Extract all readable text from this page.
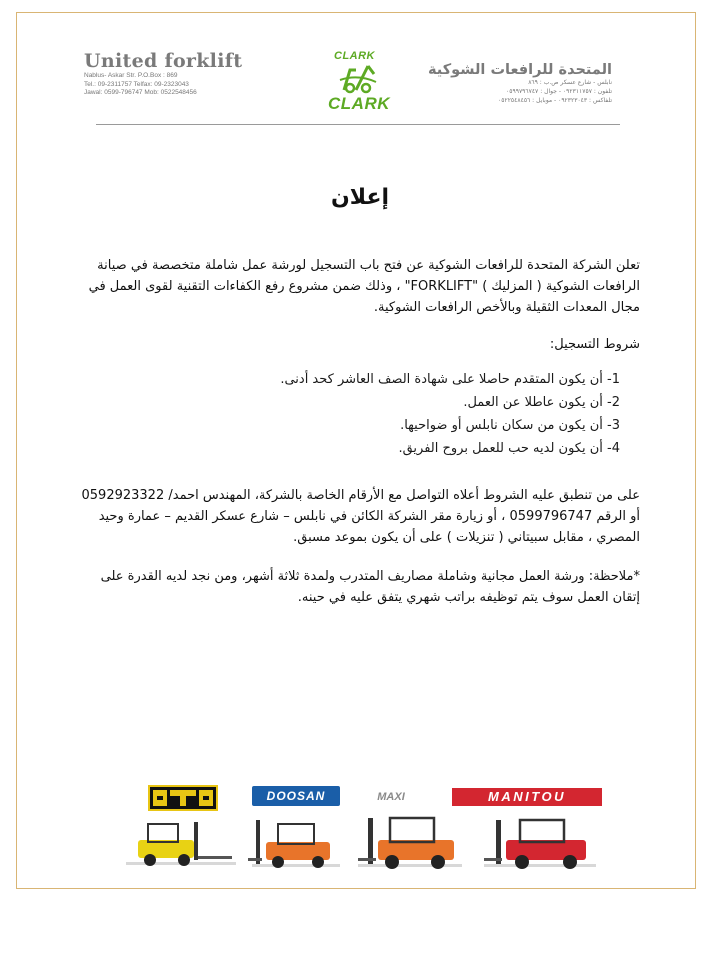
United forklift
Nablus- Askar Str. P.O.Box : 869
Tel.: 09-2311757 Telfax: 09-2323043
Jawal: 0599-796747 Mob: 0522548456
CLARK
CLARK
المتحدة للرافعات الشوكية
نابلس - شارع عسكر ص.ب : ٨٦٩
تلفون : ٠٩٢٣١١٧٥٧ - جوال : ٠٥٩٩٧٩٦٧٤٧
تلفاكس : ٠٩٢٣٢٣٠٤٣ - موبايل : ٠٥٢٢٥٤٨٤٥٦
إعلان
تعلن الشركة المتحدة للرافعات الشوكية عن فتح باب التسجيل لورشة عمل شاملة متخصصة في صيانة
الرافعات الشوكية ( المزليك ) "FORKLIFT" ، وذلك ضمن مشروع رفع الكفاءات التقنية لقوى العمل في
مجال المعدات الثقيلة وبالأخص الرافعات الشوكية.
شروط التسجيل:
1- أن يكون المتقدم حاصلا على شهادة الصف العاشر كحد أدنى.
2- أن يكون عاطلا عن العمل.
3- أن يكون من سكان نابلس أو ضواحيها.
4- أن يكون لديه حب للعمل بروح الفريق.
على من تنطبق عليه الشروط أعلاه التواصل مع الأرقام الخاصة بالشركة، المهندس احمد/ 0592923322
أو الرقم 0599796747 ، أو زيارة مقر الشركة الكائن في نابلس – شارع عسكر القديم – عمارة وحيد
المصري ، مقابل سبيتاني ( تنزيلات ) على أن يكون بموعد مسبق.
*ملاحظة: ورشة العمل مجانية وشاملة مصاريف المتدرب ولمدة ثلاثة أشهر، ومن نجد لديه القدرة على
إتقان العمل سوف يتم توظيفه براتب شهري يتفق عليه في حينه.
DOOSAN	MAXI	MANITOU
